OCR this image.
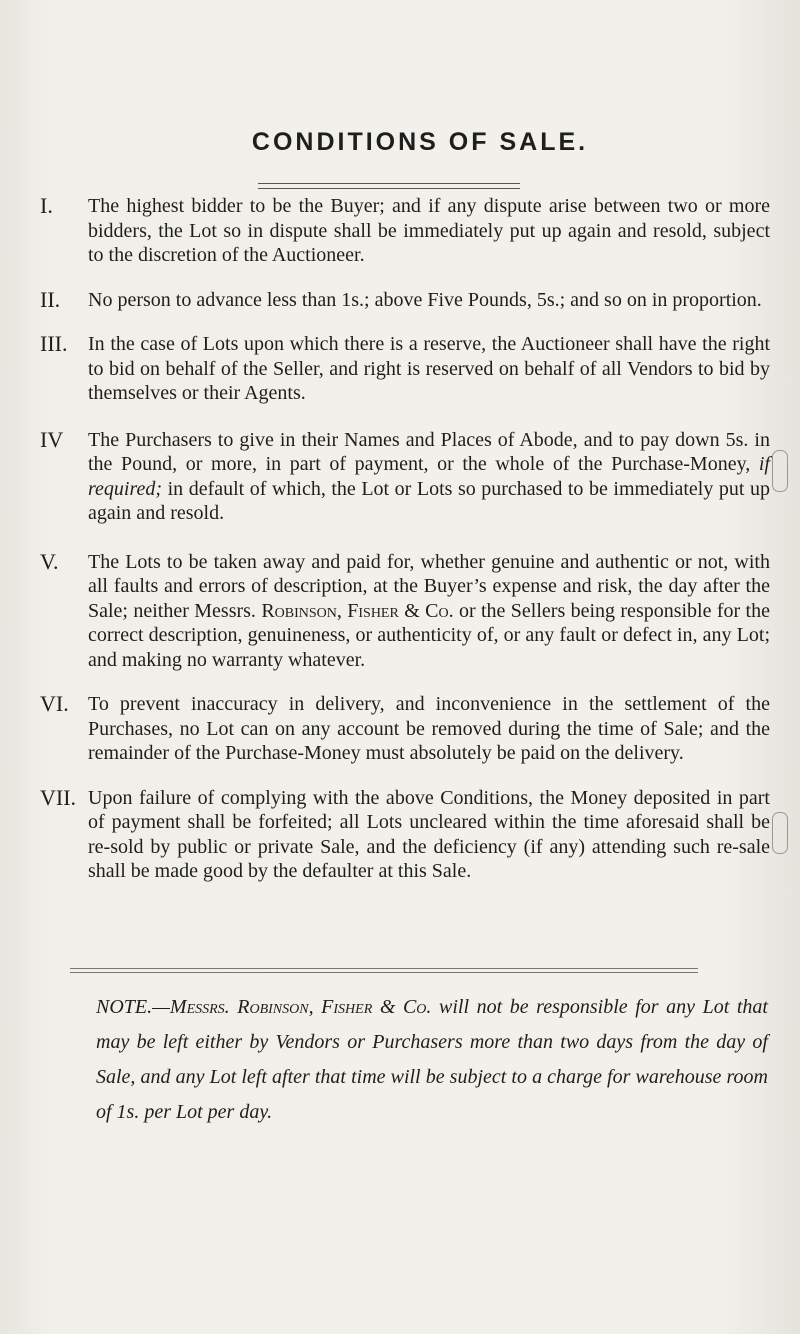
CONDITIONS OF SALE.
I. The highest bidder to be the Buyer; and if any dispute arise between two or more bidders, the Lot so in dispute shall be immediately put up again and resold, subject to the discretion of the Auctioneer.
II. No person to advance less than 1s.; above Five Pounds, 5s.; and so on in proportion.
III. In the case of Lots upon which there is a reserve, the Auctioneer shall have the right to bid on behalf of the Seller, and right is reserved on behalf of all Vendors to bid by themselves or their Agents.
IV The Purchasers to give in their Names and Places of Abode, and to pay down 5s. in the Pound, or more, in part of payment, or the whole of the Purchase-Money, if required; in default of which, the Lot or Lots so purchased to be immediately put up again and resold.
V. The Lots to be taken away and paid for, whether genuine and authentic or not, with all faults and errors of description, at the Buyer’s expense and risk, the day after the Sale; neither Messrs. Robinson, Fisher & Co. or the Sellers being responsible for the correct description, genuineness, or authenticity of, or any fault or defect in, any Lot; and making no warranty whatever.
VI. To prevent inaccuracy in delivery, and inconvenience in the settlement of the Purchases, no Lot can on any account be removed during the time of Sale; and the remainder of the Purchase-Money must absolutely be paid on the delivery.
VII. Upon failure of complying with the above Conditions, the Money deposited in part of payment shall be forfeited; all Lots uncleared within the time aforesaid shall be re-sold by public or private Sale, and the deficiency (if any) attending such re-sale shall be made good by the defaulter at this Sale.
NOTE.—Messrs. Robinson, Fisher & Co. will not be responsible for any Lot that may be left either by Vendors or Purchasers more than two days from the day of Sale, and any Lot left after that time will be subject to a charge for warehouse room of 1s. per Lot per day.
